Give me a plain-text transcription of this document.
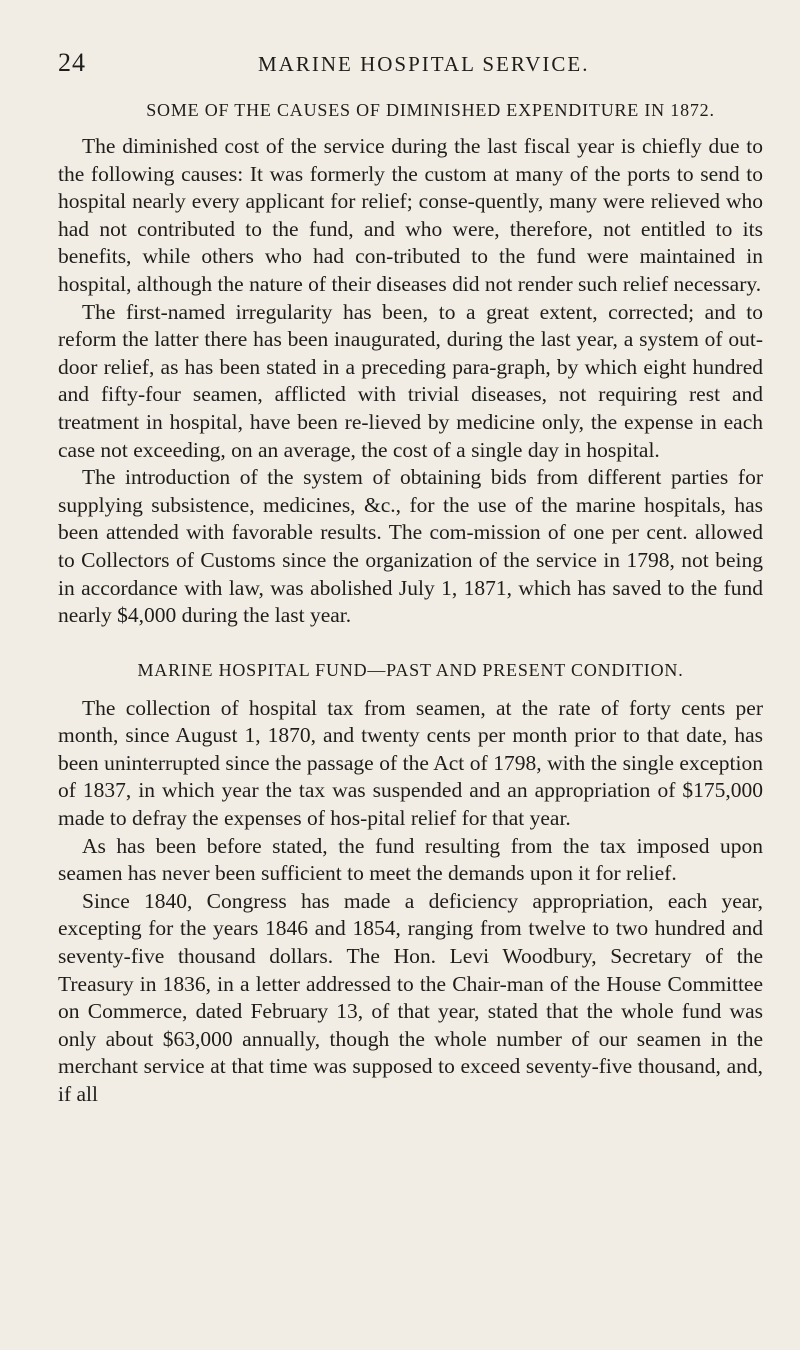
24	MARINE HOSPITAL SERVICE.
SOME OF THE CAUSES OF DIMINISHED EXPENDITURE IN 1872.

The diminished cost of the service during the last fiscal year is chiefly due to the following causes: It was formerly the custom at many of the ports to send to hospital nearly every applicant for relief; conse-quently, many were relieved who had not contributed to the fund, and who were, therefore, not entitled to its benefits, while others who had con-tributed to the fund were maintained in hospital, although the nature of their diseases did not render such relief necessary.

The first-named irregularity has been, to a great extent, corrected; and to reform the latter there has been inaugurated, during the last year, a system of out-door relief, as has been stated in a preceding para-graph, by which eight hundred and fifty-four seamen, afflicted with trivial diseases, not requiring rest and treatment in hospital, have been re-lieved by medicine only, the expense in each case not exceeding, on an average, the cost of a single day in hospital.

The introduction of the system of obtaining bids from different parties for supplying subsistence, medicines, &c., for the use of the marine hospitals, has been attended with favorable results. The com-mission of one per cent. allowed to Collectors of Customs since the organization of the service in 1798, not being in accordance with law, was abolished July 1, 1871, which has saved to the fund nearly $4,000 during the last year.

MARINE HOSPITAL FUND—PAST AND PRESENT CONDITION.

The collection of hospital tax from seamen, at the rate of forty cents per month, since August 1, 1870, and twenty cents per month prior to that date, has been uninterrupted since the passage of the Act of 1798, with the single exception of 1837, in which year the tax was suspended and an appropriation of $175,000 made to defray the expenses of hos-pital relief for that year.

As has been before stated, the fund resulting from the tax imposed upon seamen has never been sufficient to meet the demands upon it for relief.

Since 1840, Congress has made a deficiency appropriation, each year, excepting for the years 1846 and 1854, ranging from twelve to two hundred and seventy-five thousand dollars. The Hon. Levi Woodbury, Secretary of the Treasury in 1836, in a letter addressed to the Chair-man of the House Committee on Commerce, dated February 13, of that year, stated that the whole fund was only about $63,000 annually, though the whole number of our seamen in the merchant service at that time was supposed to exceed seventy-five thousand, and, if all
